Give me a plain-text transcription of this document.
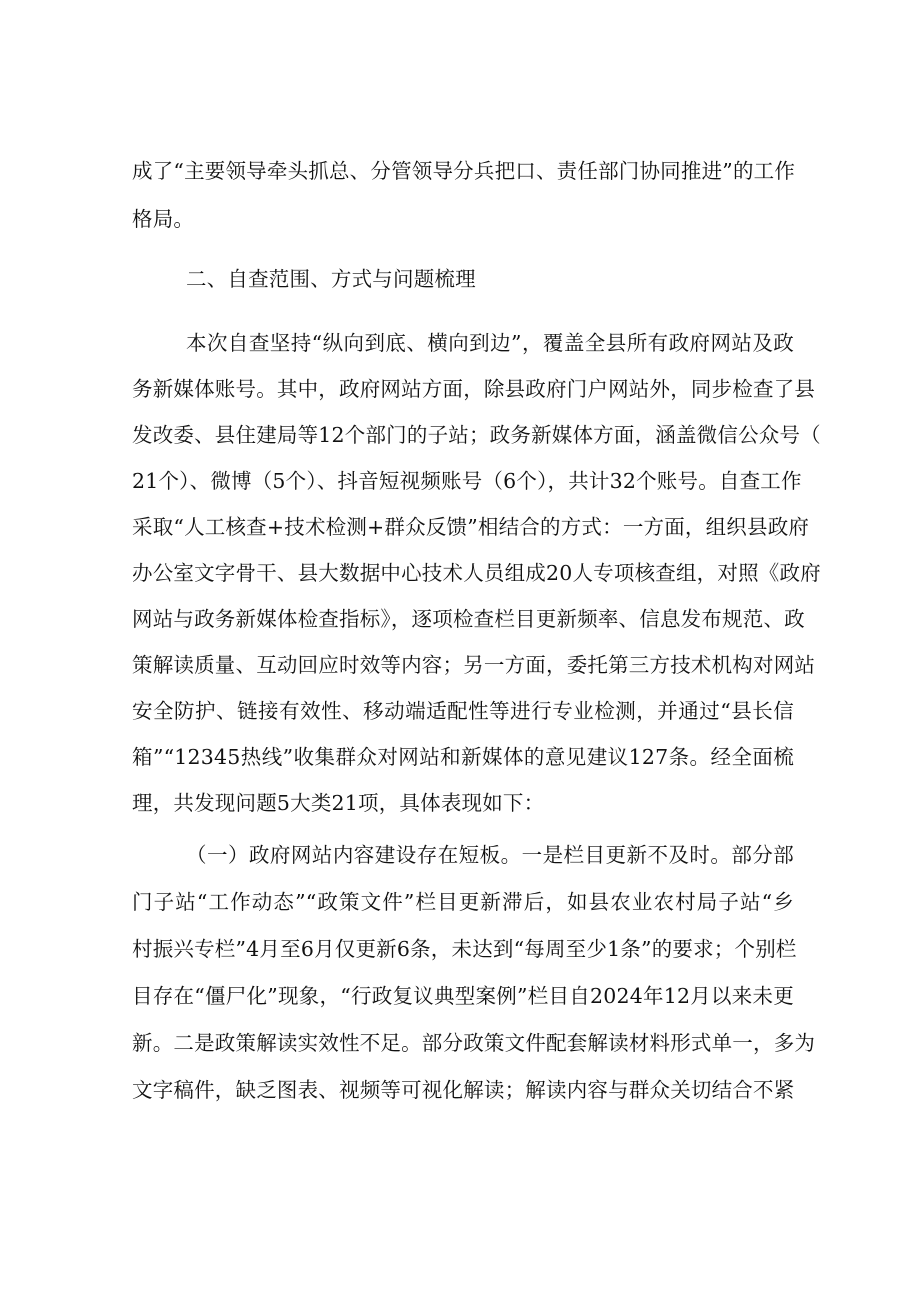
成了“主要领导牵头抓总、分管领导分兵把口、责任部门协同推进”的工作
格局。
二、自查范围、方式与问题梳理
本次自查坚持“纵向到底、横向到边”，覆盖全县所有政府网站及政
务新媒体账号。其中，政府网站方面，除县政府门户网站外，同步检查了县
发改委、县住建局等12个部门的子站；政务新媒体方面，涵盖微信公众号（
21个）、微博（5个）、抖音短视频账号（6个），共计32个账号。自查工作
采取“人工核查+技术检测+群众反馈”相结合的方式：一方面，组织县政府
办公室文字骨干、县大数据中心技术人员组成20人专项核查组，对照《政府
网站与政务新媒体检查指标》，逐项检查栏目更新频率、信息发布规范、政
策解读质量、互动回应时效等内容；另一方面，委托第三方技术机构对网站
安全防护、链接有效性、移动端适配性等进行专业检测，并通过“县长信
箱”“12345热线”收集群众对网站和新媒体的意见建议127条。经全面梳
理，共发现问题5大类21项，具体表现如下：
（一）政府网站内容建设存在短板。一是栏目更新不及时。部分部
门子站“工作动态”“政策文件”栏目更新滞后，如县农业农村局子站“乡
村振兴专栏”4月至6月仅更新6条，未达到“每周至少1条”的要求；个别栏
目存在“僵尸化”现象，“行政复议典型案例”栏目自2024年12月以来未更
新。二是政策解读实效性不足。部分政策文件配套解读材料形式单一，多为
文字稿件，缺乏图表、视频等可视化解读；解读内容与群众关切结合不紧
